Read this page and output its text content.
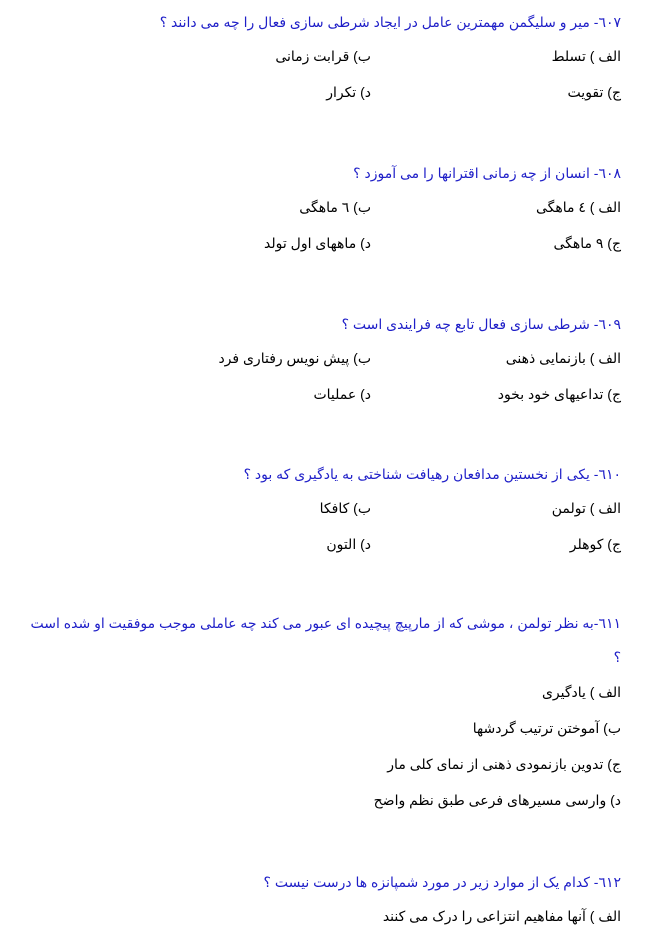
٦٠٧- میر و سلیگمن مهمترین عامل در ایجاد شرطی سازی فعال را چه می دانند ؟
الف ) تسلط
ب) قرابت زمانی
ج) تقویت
د) تکرار
٦٠٨- انسان از چه زمانی اقترانها را می آموزد ؟
الف ) ٤ ماهگی
ب) ٦ ماهگی
ج) ٩ ماهگی
د) ماههای اول تولد
٦٠٩- شرطی سازی فعال تابع چه فرایندی است ؟
الف ) بازنمایی ذهنی
ب) پیش نویس رفتاری فرد
ج) تداعیهای خود بخود
د) عملیات
٦١٠- یکی از نخستین مدافعان رهیافت شناختی به یادگیری که بود ؟
الف ) تولمن
ب) کافکا
ج) کوهلر
د) التون
٦١١-به نظر تولمن ، موشی که از مارپیچ پیچیده ای عبور می کند چه عاملی موجب موفقیت او شده است ؟
الف ) یادگیری
ب) آموختن ترتیب گردشها
ج) تدوین بازنمودی ذهنی از نمای کلی مار
د) وارسی مسیرهای فرعی طبق نظم واضح
٦١٢- کدام یک از موارد زیر در مورد شمپانزه ها درست نیست ؟
الف ) آنها مفاهیم انتزاعی را درک می کنند
